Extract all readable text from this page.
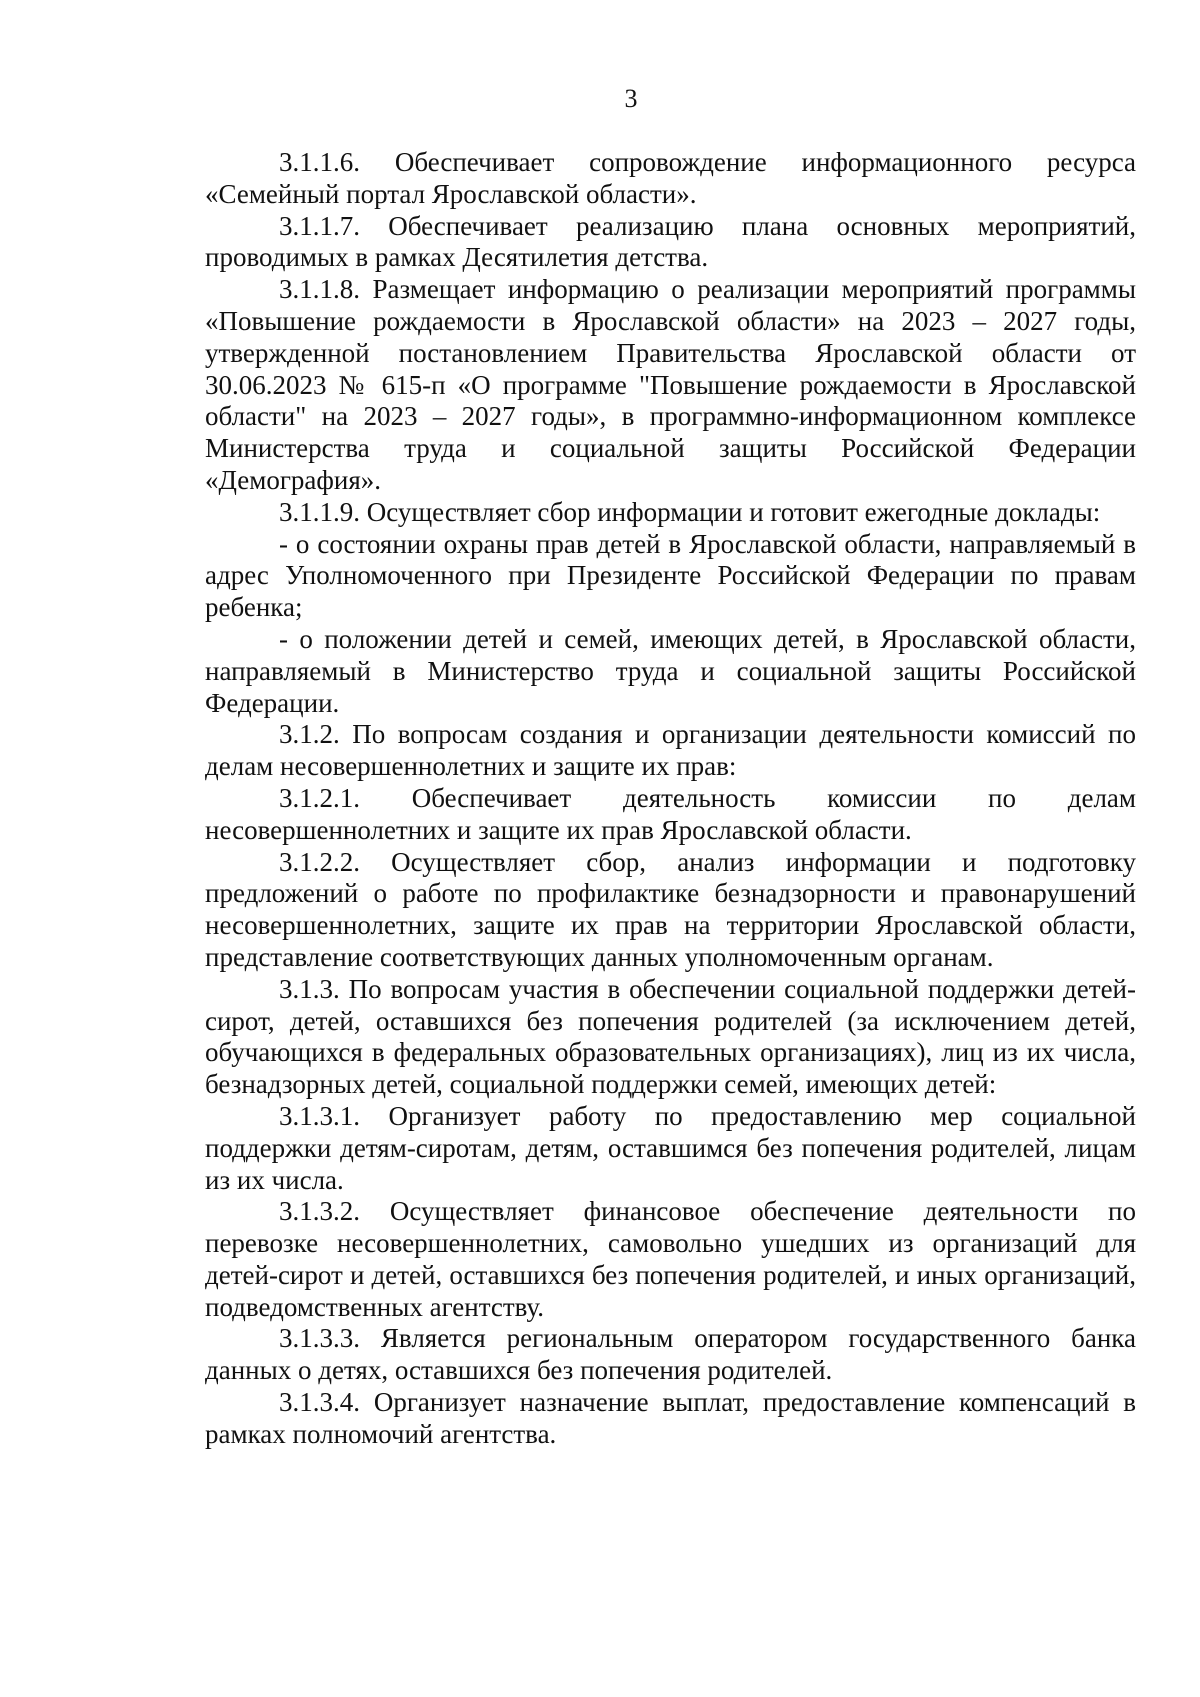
3

3.1.1.6. Обеспечивает сопровождение информационного ресурса «Семейный портал Ярославской области».

3.1.1.7. Обеспечивает реализацию плана основных мероприятий, проводимых в рамках Десятилетия детства.

3.1.1.8. Размещает информацию о реализации мероприятий программы «Повышение рождаемости в Ярославской области» на 2023 – 2027 годы, утвержденной постановлением Правительства Ярославской области от 30.06.2023 № 615-п «О программе "Повышение рождаемости в Ярославской области" на 2023 – 2027 годы», в программно-информационном комплексе Министерства труда и социальной защиты Российской Федерации «Демография».

3.1.1.9. Осуществляет сбор информации и готовит ежегодные доклады:

- о состоянии охраны прав детей в Ярославской области, направляемый в адрес Уполномоченного при Президенте Российской Федерации по правам ребенка;

- о положении детей и семей, имеющих детей, в Ярославской области, направляемый в Министерство труда и социальной защиты Российской Федерации.

3.1.2. По вопросам создания и организации деятельности комиссий по делам несовершеннолетних и защите их прав:

3.1.2.1. Обеспечивает деятельность комиссии по делам несовершеннолетних и защите их прав Ярославской области.

3.1.2.2. Осуществляет сбор, анализ информации и подготовку предложений о работе по профилактике безнадзорности и правонарушений несовершеннолетних, защите их прав на территории Ярославской области, представление соответствующих данных уполномоченным органам.

3.1.3. По вопросам участия в обеспечении социальной поддержки детей-сирот, детей, оставшихся без попечения родителей (за исключением детей, обучающихся в федеральных образовательных организациях), лиц из их числа, безнадзорных детей, социальной поддержки семей, имеющих детей:

3.1.3.1. Организует работу по предоставлению мер социальной поддержки детям-сиротам, детям, оставшимся без попечения родителей, лицам из их числа.

3.1.3.2. Осуществляет финансовое обеспечение деятельности по перевозке несовершеннолетних, самовольно ушедших из организаций для детей-сирот и детей, оставшихся без попечения родителей, и иных организаций, подведомственных агентству.

3.1.3.3. Является региональным оператором государственного банка данных о детях, оставшихся без попечения родителей.

3.1.3.4. Организует назначение выплат, предоставление компенсаций в рамках полномочий агентства.
